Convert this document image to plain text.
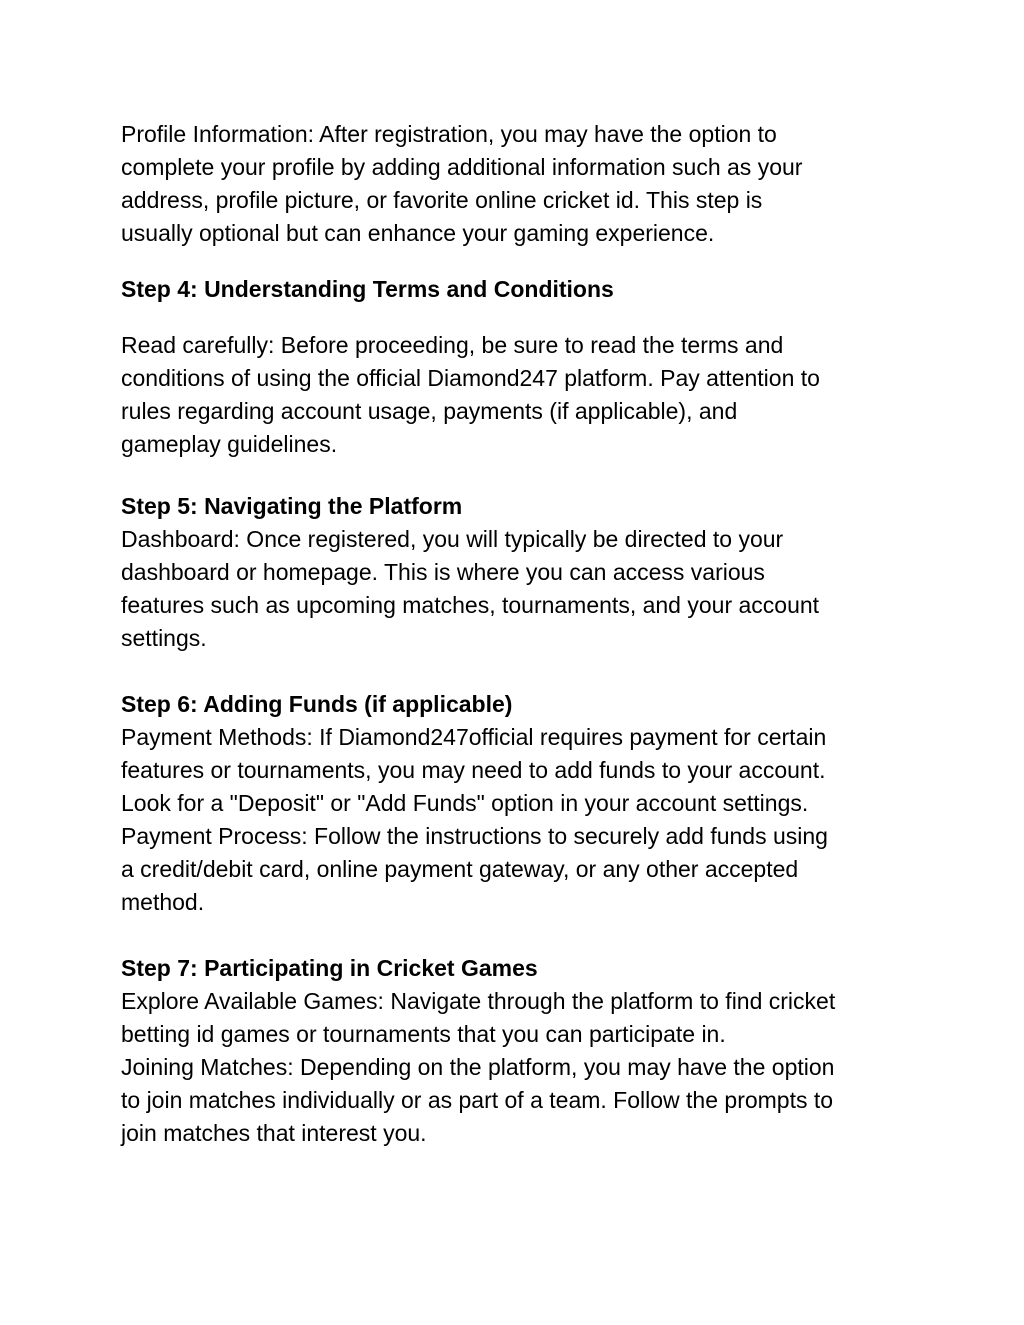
Profile Information: After registration, you may have the option to
complete your profile by adding additional information such as your
address, profile picture, or favorite online cricket id. This step is
usually optional but can enhance your gaming experience.
Step 4: Understanding Terms and Conditions
Read carefully: Before proceeding, be sure to read the terms and
conditions of using the official Diamond247 platform. Pay attention to
rules regarding account usage, payments (if applicable), and
gameplay guidelines.
Step 5: Navigating the Platform
Dashboard: Once registered, you will typically be directed to your
dashboard or homepage. This is where you can access various
features such as upcoming matches, tournaments, and your account
settings.
Step 6: Adding Funds (if applicable)
Payment Methods: If Diamond247official requires payment for certain
features or tournaments, you may need to add funds to your account.
Look for a "Deposit" or "Add Funds" option in your account settings.
Payment Process: Follow the instructions to securely add funds using
a credit/debit card, online payment gateway, or any other accepted
method.
Step 7: Participating in Cricket Games
Explore Available Games: Navigate through the platform to find cricket
betting id games or tournaments that you can participate in.
Joining Matches: Depending on the platform, you may have the option
to join matches individually or as part of a team. Follow the prompts to
join matches that interest you.
